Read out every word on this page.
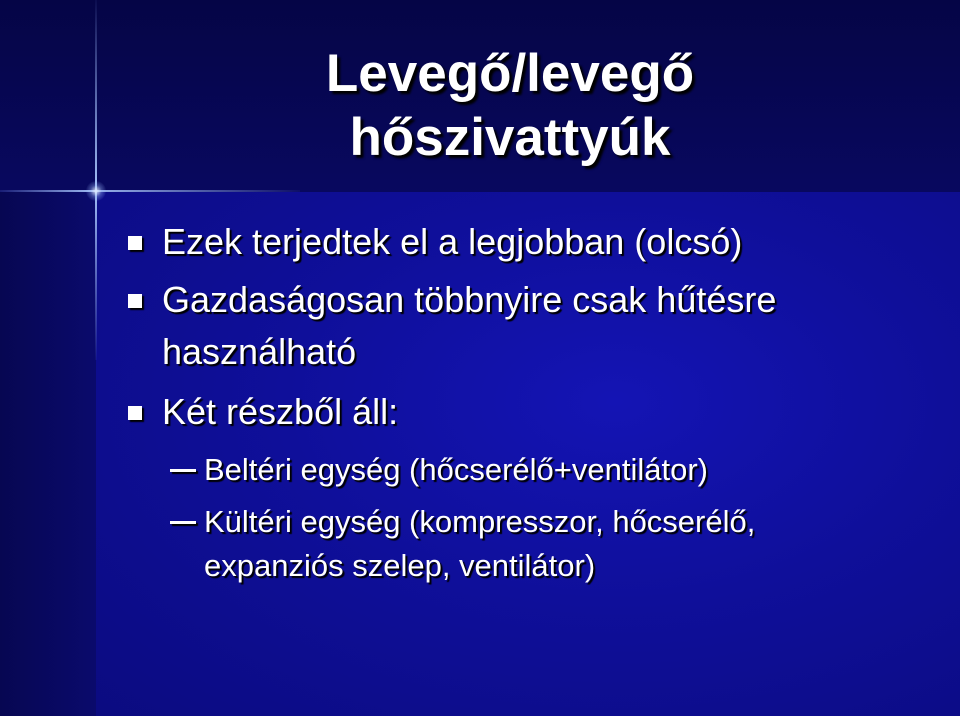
Levegő/levegő
hőszivattyúk
Ezek terjedtek el a legjobban (olcsó)
Gazdaságosan többnyire csak hűtésre
használható
Két részből áll:
Beltéri egység (hőcserélő+ventilátor)
Kültéri egység (kompresszor, hőcserélő,
expanziós szelep, ventilátor)
